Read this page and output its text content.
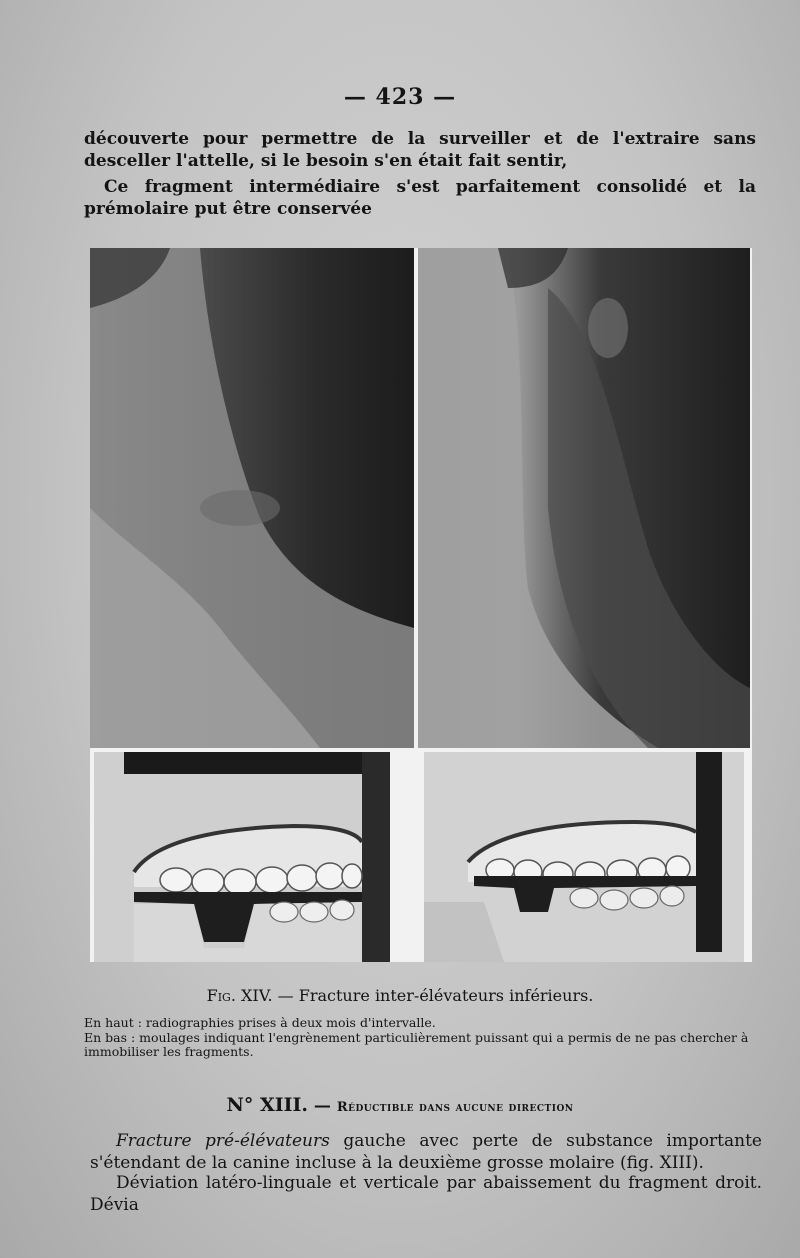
— 423 —
découverte pour permettre de la surveiller et de l'extraire sans desceller l'attelle, si le besoin s'en était fait sentir,
Ce fragment intermédiaire s'est parfaitement consolidé et la prémolaire put être conservée
Fig. XIV. — Fracture inter-élévateurs inférieurs.
En haut : radiographies prises à deux mois d'intervalle.
En bas : moulages indiquant l'engrènement particulièrement puissant qui a permis de ne pas chercher à immobiliser les fragments.
N° XIII. — Réductible dans aucune direction
Fracture pré-élévateurs gauche avec perte de substance importante s'étendant de la canine incluse à la deuxième grosse molaire (fig. XIII).
Déviation latéro-linguale et verticale par abaissement du fragment droit. Dévia
